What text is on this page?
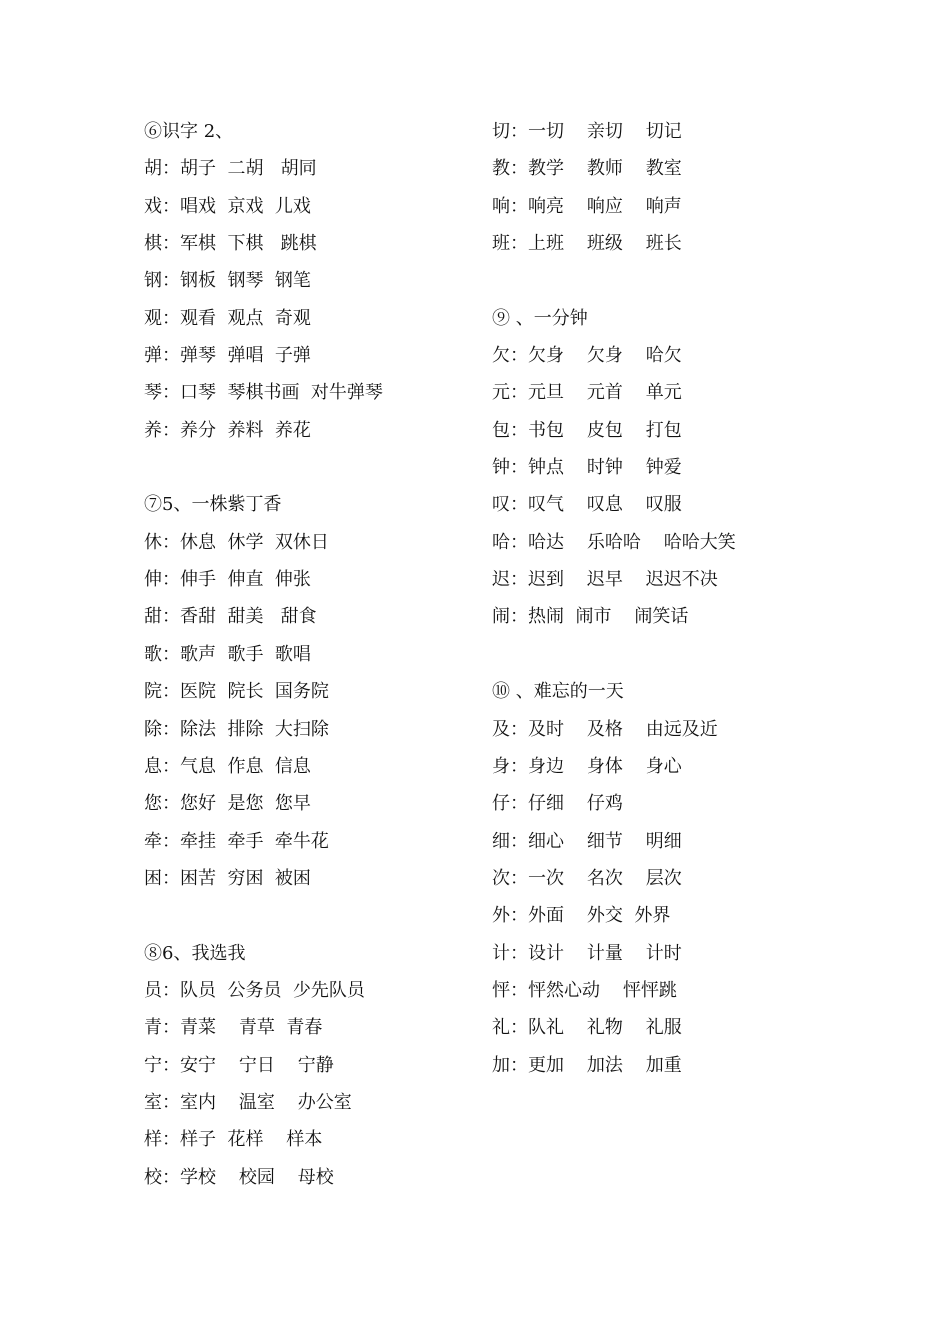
⑥识字 2、
胡：胡子  二胡   胡同
戏：唱戏  京戏  儿戏
棋：军棋  下棋   跳棋
钢：钢板  钢琴  钢笔
观：观看  观点  奇观
弹：弹琴  弹唱  子弹
琴：口琴  琴棋书画  对牛弹琴
养：养分  养料  养花
⑦5、一株紫丁香
休：休息  休学  双休日
伸：伸手  伸直  伸张
甜：香甜  甜美   甜食
歌：歌声  歌手  歌唱
院：医院  院长  国务院
除：除法  排除  大扫除
息：气息  作息  信息
您：您好  是您  您早
牵：牵挂  牵手  牵牛花
困：困苦  穷困  被困
⑧6、我选我
员：队员  公务员  少先队员
青：青菜    青草  青春
宁：安宁    宁日    宁静
室：室内    温室    办公室
样：样子  花样    样本
校：学校    校园    母校
切：一切    亲切    切记
教：教学    教师    教室
响：响亮    响应    响声
班：上班    班级    班长
⑨ 、一分钟
欠：欠身    欠身    哈欠
元：元旦    元首    单元
包：书包    皮包    打包
钟：钟点    时钟    钟爱
叹：叹气    叹息    叹服
哈：哈达    乐哈哈    哈哈大笑
迟：迟到    迟早    迟迟不决
闹：热闹  闹市    闹笑话
⑩ 、难忘的一天
及：及时    及格    由远及近
身：身边    身体    身心
仔：仔细    仔鸡
细：细心    细节    明细
次：一次    名次    层次
外：外面    外交  外界
计：设计    计量    计时
怦：怦然心动    怦怦跳
礼：队礼    礼物    礼服
加：更加    加法    加重
